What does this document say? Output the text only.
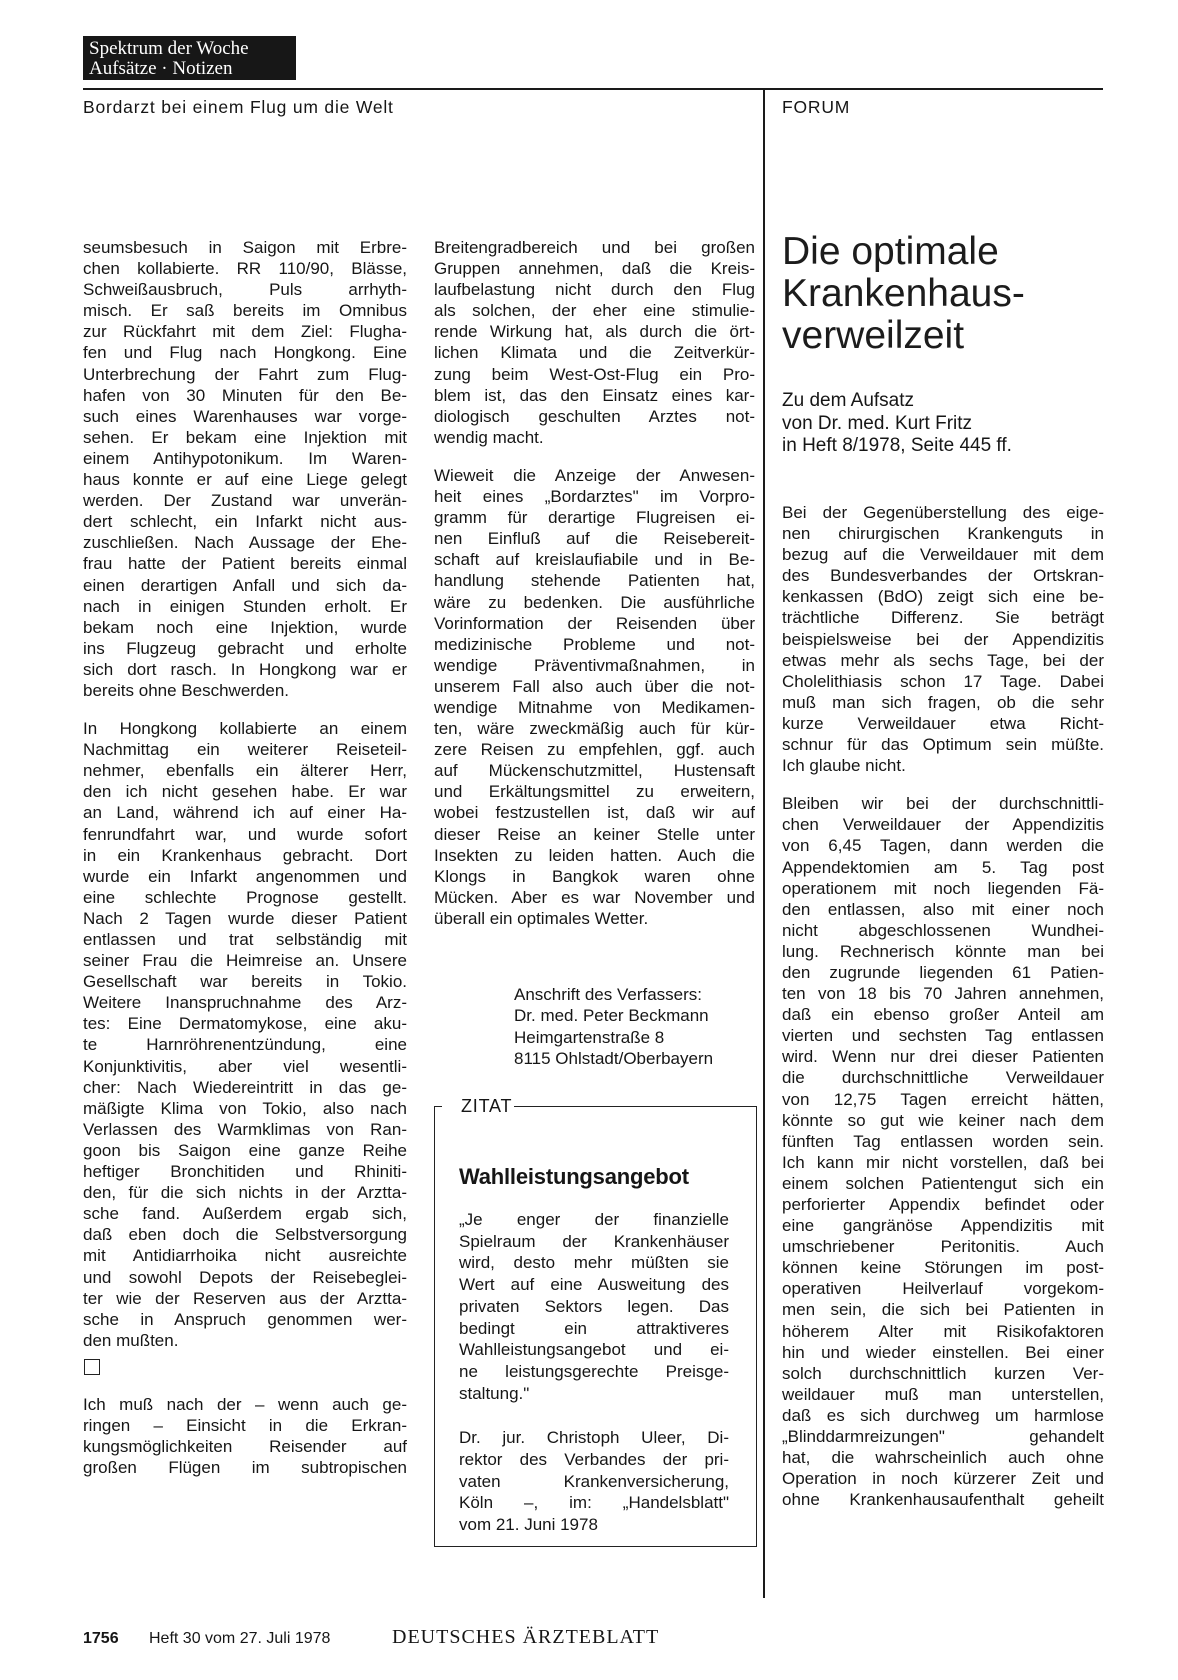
Spektrum der Woche
Aufsätze · Notizen
Bordarzt bei einem Flug um die Welt	FORUM
seumsbesuch in Saigon mit Erbre-
chen kollabierte. RR 110/90, Blässe,
Schweißausbruch, Puls arrhyth-
misch. Er saß bereits im Omnibus
zur Rückfahrt mit dem Ziel: Flugha-
fen und Flug nach Hongkong. Eine
Unterbrechung der Fahrt zum Flug-
hafen von 30 Minuten für den Be-
such eines Warenhauses war vorge-
sehen. Er bekam eine Injektion mit
einem Antihypotonikum. Im Waren-
haus konnte er auf eine Liege gelegt
werden. Der Zustand war unverän-
dert schlecht, ein Infarkt nicht aus-
zuschließen. Nach Aussage der Ehe-
frau hatte der Patient bereits einmal
einen derartigen Anfall und sich da-
nach in einigen Stunden erholt. Er
bekam noch eine Injektion, wurde
ins Flugzeug gebracht und erholte
sich dort rasch. In Hongkong war er
bereits ohne Beschwerden.
In Hongkong kollabierte an einem
Nachmittag ein weiterer Reiseteil-
nehmer, ebenfalls ein älterer Herr,
den ich nicht gesehen habe. Er war
an Land, während ich auf einer Ha-
fenrundfahrt war, und wurde sofort
in ein Krankenhaus gebracht. Dort
wurde ein Infarkt angenommen und
eine schlechte Prognose gestellt.
Nach 2 Tagen wurde dieser Patient
entlassen und trat selbständig mit
seiner Frau die Heimreise an. Unsere
Gesellschaft war bereits in Tokio.
Weitere Inanspruchnahme des Arz-
tes: Eine Dermatomykose, eine aku-
te Harnröhrenentzündung, eine
Konjunktivitis, aber viel wesentli-
cher: Nach Wiedereintritt in das ge-
mäßigte Klima von Tokio, also nach
Verlassen des Warmklimas von Ran-
goon bis Saigon eine ganze Reihe
heftiger Bronchitiden und Rhiniti-
den, für die sich nichts in der Arztta-
sche fand. Außerdem ergab sich,
daß eben doch die Selbstversorgung
mit Antidiarrhoika nicht ausreichte
und sowohl Depots der Reisebeglei-
ter wie der Reserven aus der Arztta-
sche in Anspruch genommen wer-
den mußten.
Ich muß nach der – wenn auch ge-
ringen – Einsicht in die Erkran-
kungsmöglichkeiten Reisender auf
großen Flügen im subtropischen
Breitengradbereich und bei großen
Gruppen annehmen, daß die Kreis-
laufbelastung nicht durch den Flug
als solchen, der eher eine stimulie-
rende Wirkung hat, als durch die ört-
lichen Klimata und die Zeitverkür-
zung beim West-Ost-Flug ein Pro-
blem ist, das den Einsatz eines kar-
diologisch geschulten Arztes not-
wendig macht.
Wieweit die Anzeige der Anwesen-
heit eines „Bordarztes" im Vorpro-
gramm für derartige Flugreisen ei-
nen Einfluß auf die Reisebereit-
schaft auf kreislaufiabile und in Be-
handlung stehende Patienten hat,
wäre zu bedenken. Die ausführliche
Vorinformation der Reisenden über
medizinische Probleme und not-
wendige Präventivmaßnahmen, in
unserem Fall also auch über die not-
wendige Mitnahme von Medikamen-
ten, wäre zweckmäßig auch für kür-
zere Reisen zu empfehlen, ggf. auch
auf Mückenschutzmittel, Hustensaft
und Erkältungsmittel zu erweitern,
wobei festzustellen ist, daß wir auf
dieser Reise an keiner Stelle unter
Insekten zu leiden hatten. Auch die
Klongs in Bangkok waren ohne
Mücken. Aber es war November und
überall ein optimales Wetter.
Anschrift des Verfassers:
Dr. med. Peter Beckmann
Heimgartenstraße 8
8115 Ohlstadt/Oberbayern
ZITAT
Wahlleistungsangebot
„Je enger der finanzielle
Spielraum der Krankenhäuser
wird, desto mehr müßten sie
Wert auf eine Ausweitung des
privaten Sektors legen. Das
bedingt ein attraktiveres
Wahlleistungsangebot und ei-
ne leistungsgerechte Preisge-
staltung."
Dr. jur. Christoph Uleer, Di-
rektor des Verbandes der pri-
vaten Krankenversicherung,
Köln –, im: „Handelsblatt"
vom 21. Juni 1978
Die optimale
Krankenhaus-
verweilzeit
Zu dem Aufsatz
von Dr. med. Kurt Fritz
in Heft 8/1978, Seite 445 ff.
Bei der Gegenüberstellung des eige-
nen chirurgischen Krankenguts in
bezug auf die Verweildauer mit dem
des Bundesverbandes der Ortskran-
kenkassen (BdO) zeigt sich eine be-
trächtliche Differenz. Sie beträgt
beispielsweise bei der Appendizitis
etwas mehr als sechs Tage, bei der
Cholelithiasis schon 17 Tage. Dabei
muß man sich fragen, ob die sehr
kurze Verweildauer etwa Richt-
schnur für das Optimum sein müßte.
Ich glaube nicht.
Bleiben wir bei der durchschnittli-
chen Verweildauer der Appendizitis
von 6,45 Tagen, dann werden die
Appendektomien am 5. Tag post
operationem mit noch liegenden Fä-
den entlassen, also mit einer noch
nicht abgeschlossenen Wundhei-
lung. Rechnerisch könnte man bei
den zugrunde liegenden 61 Patien-
ten von 18 bis 70 Jahren annehmen,
daß ein ebenso großer Anteil am
vierten und sechsten Tag entlassen
wird. Wenn nur drei dieser Patienten
die durchschnittliche Verweildauer
von 12,75 Tagen erreicht hätten,
könnte so gut wie keiner nach dem
fünften Tag entlassen worden sein.
Ich kann mir nicht vorstellen, daß bei
einem solchen Patientengut sich ein
perforierter Appendix befindet oder
eine gangränöse Appendizitis mit
umschriebener Peritonitis. Auch
können keine Störungen im post-
operativen Heilverlauf vorgekom-
men sein, die sich bei Patienten in
höherem Alter mit Risikofaktoren
hin und wieder einstellen. Bei einer
solch durchschnittlich kurzen Ver-
weildauer muß man unterstellen,
daß es sich durchweg um harmlose
„Blinddarmreizungen" gehandelt
hat, die wahrscheinlich auch ohne
Operation in noch kürzerer Zeit und
ohne Krankenhausaufenthalt geheilt
1756 Heft 30 vom 27. Juli 1978	DEUTSCHES ÄRZTEBLATT
